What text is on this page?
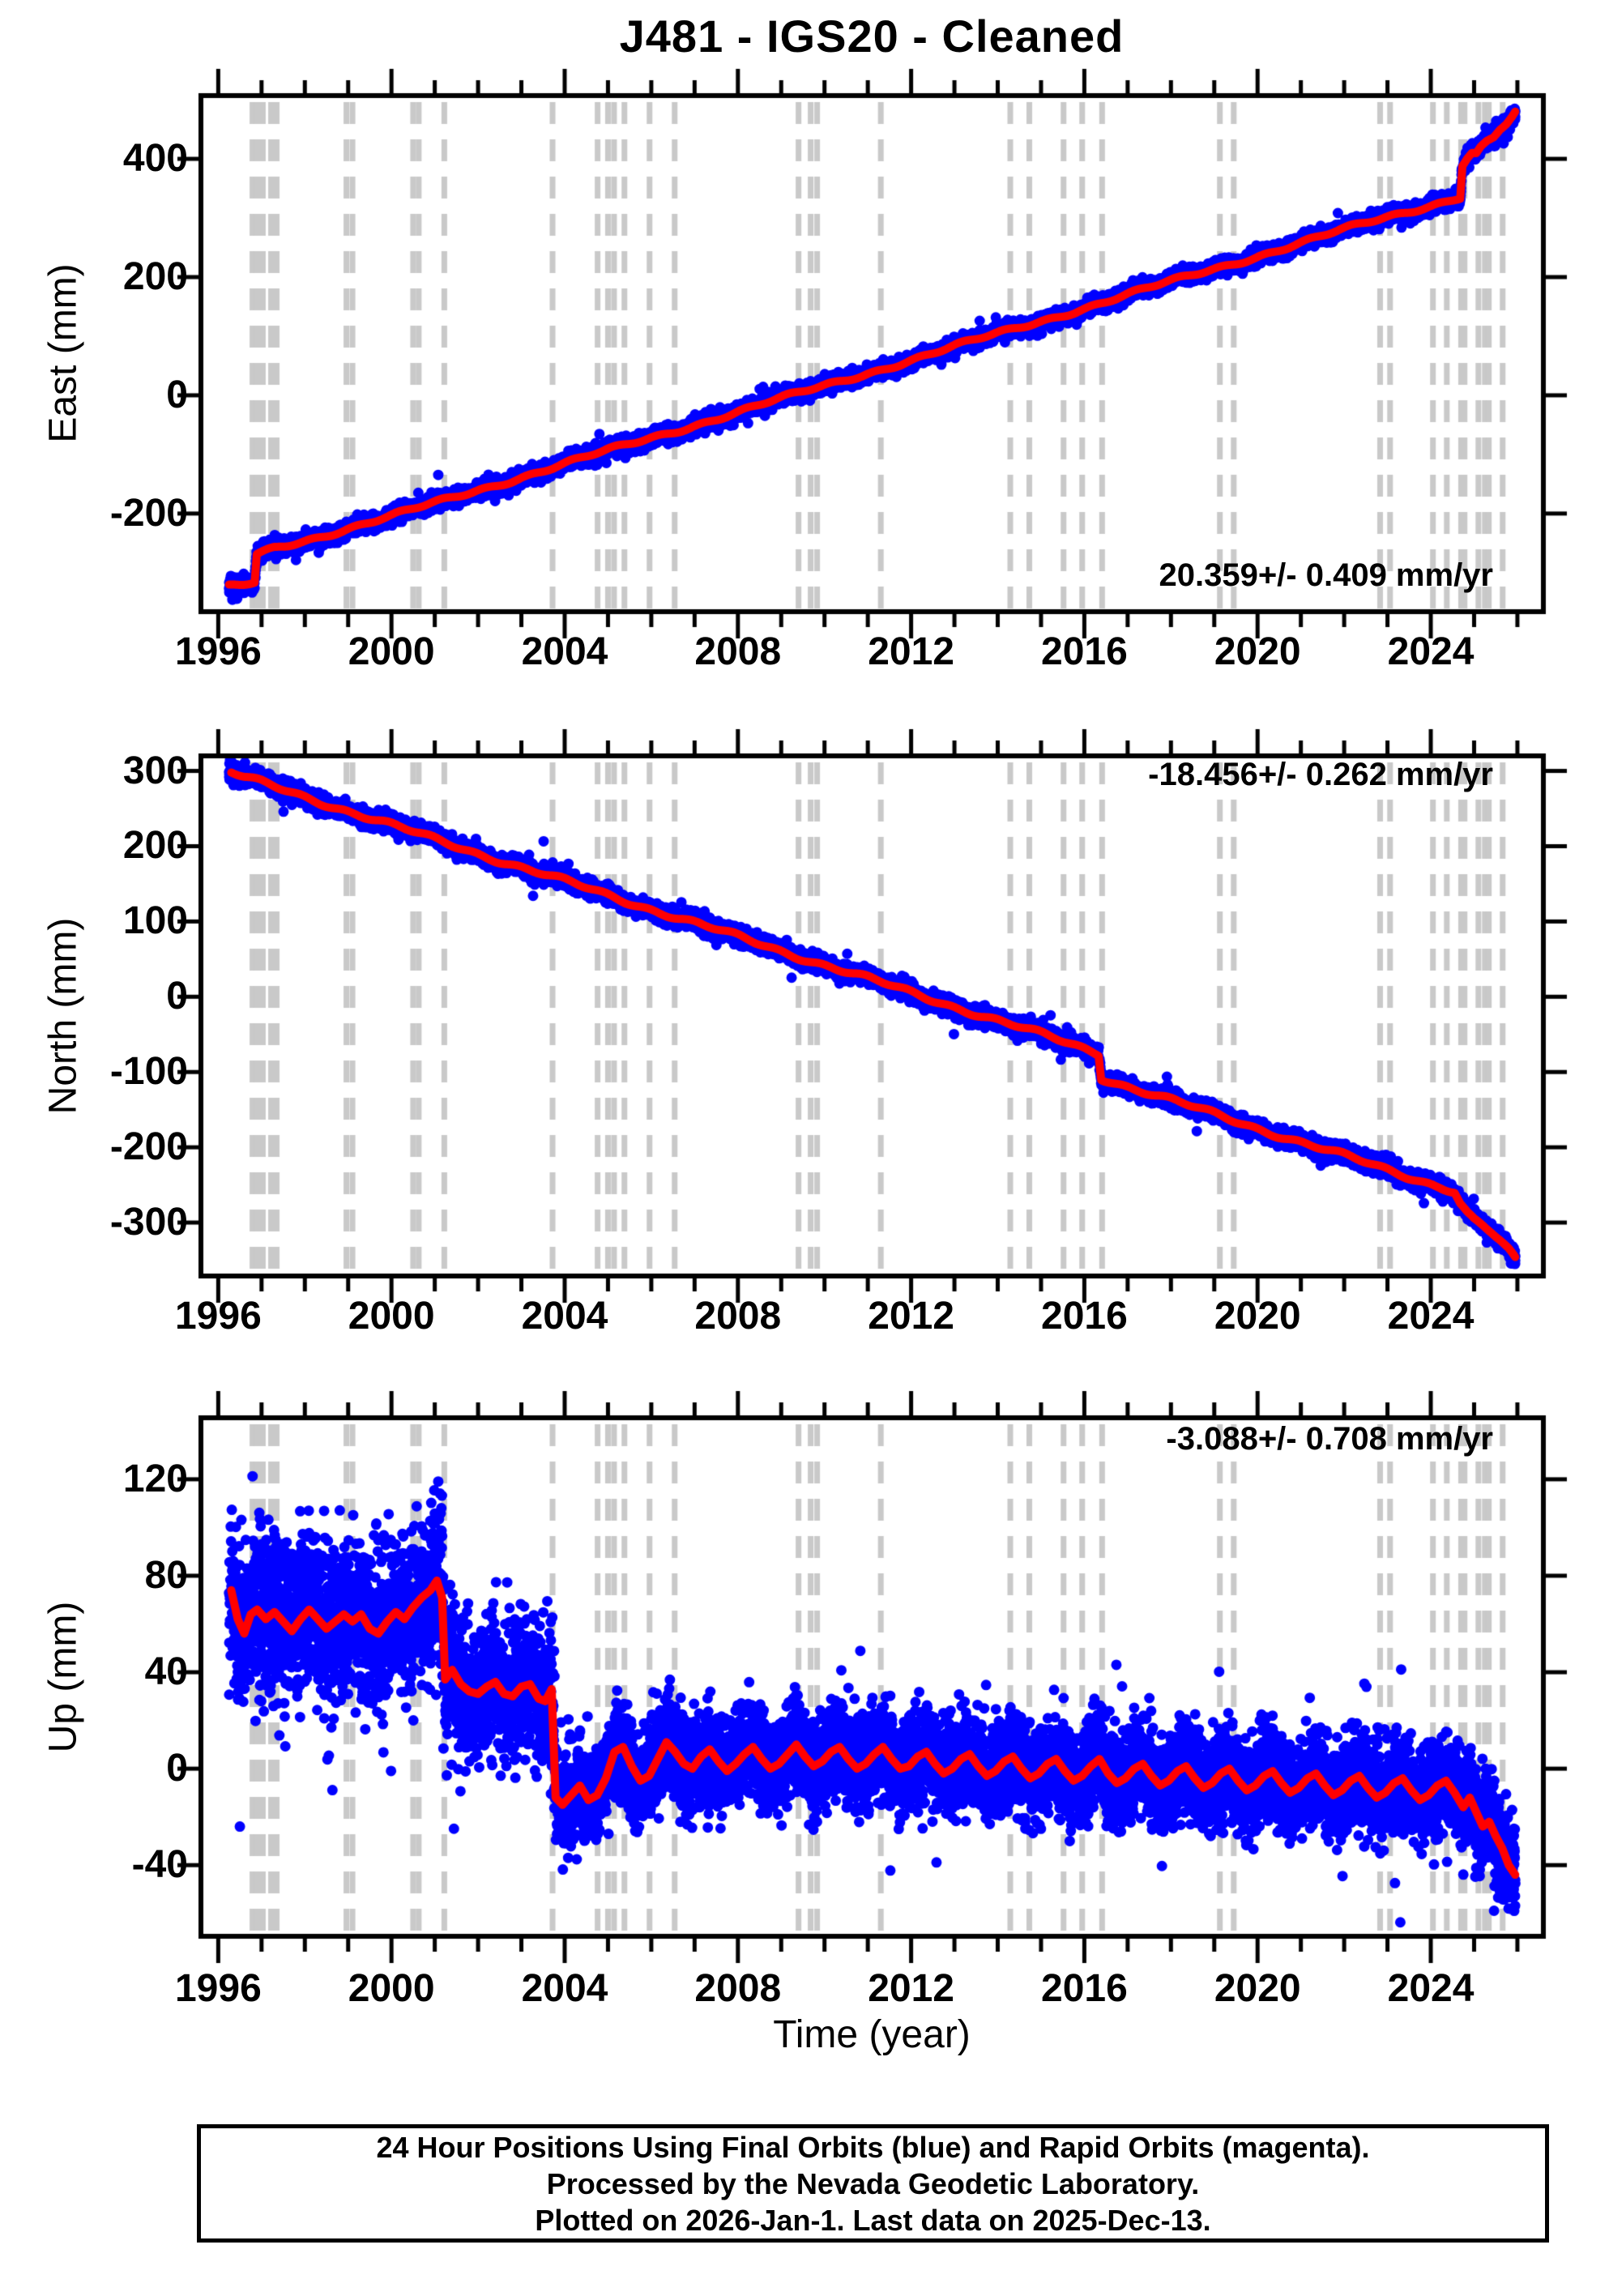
J481 - IGS20 - Cleaned
East (mm)
North (mm)
Up (mm)
20.359+/- 0.409 mm/yr
-18.456+/- 0.262 mm/yr
-3.088+/- 0.708 mm/yr
Time (year)
1996	2000	2004	2008	2012	2016	2020	2024
-200
0
200
400
1996	2000	2004	2008	2012	2016	2020	2024
-300
-200
-100
0
100
200
300
1996	2000	2004	2008	2012	2016	2020	2024
-40
0
40
80
120

24 Hour Positions Using Final Orbits (blue) and Rapid Orbits (magenta).

Processed by the Nevada Geodetic Laboratory.

Plotted on 2026-Jan-1. Last data on 2025-Dec-13.
